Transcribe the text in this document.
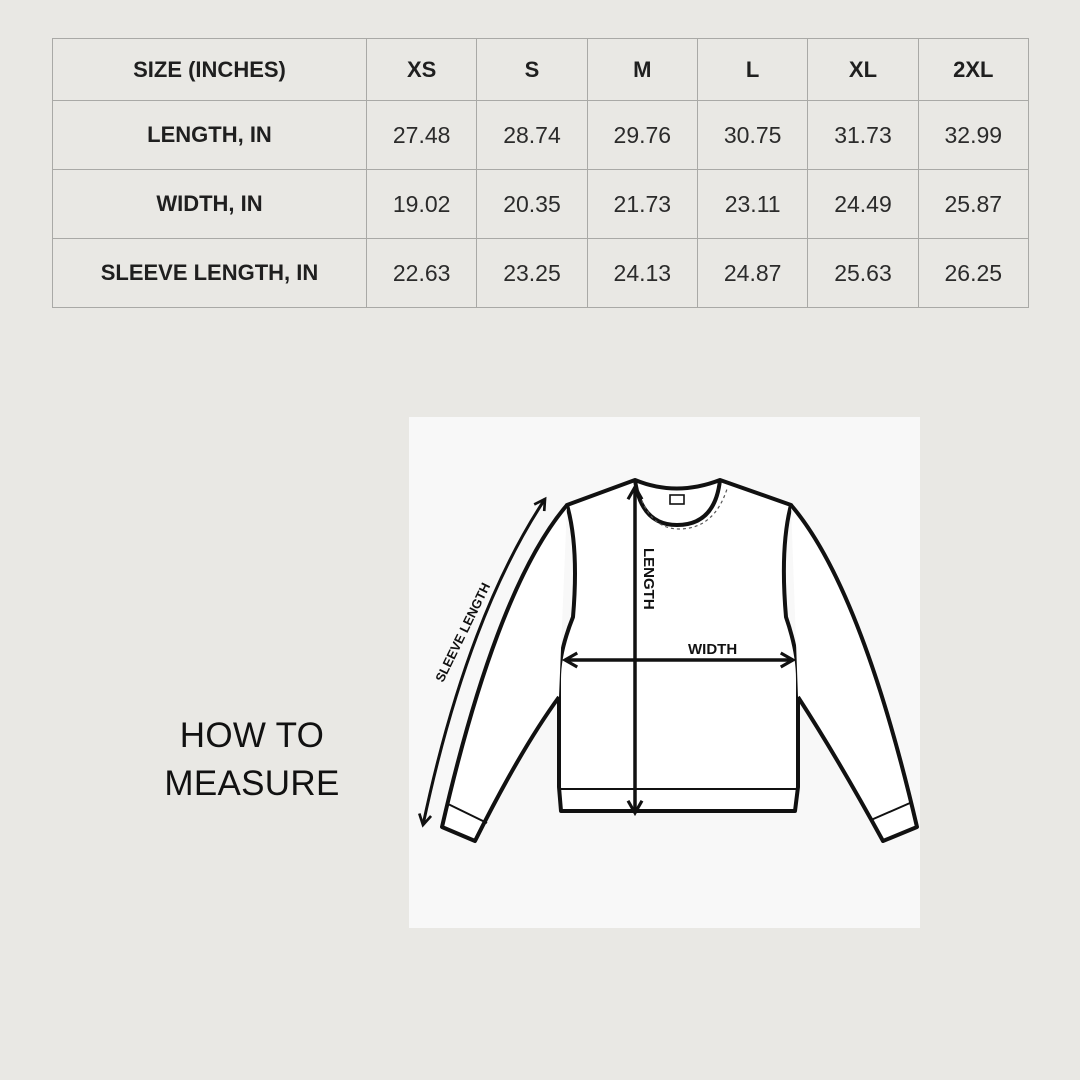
SIZE (INCHES)	XS	S	M	L	XL	2XL
LENGTH, IN	27.48	28.74	29.76	30.75	31.73	32.99
WIDTH, IN	19.02	20.35	21.73	23.11	24.49	25.87
SLEEVE LENGTH, IN	22.63	23.25	24.13	24.87	25.63	26.25
HOW TO
MEASURE
LENGTH
WIDTH
SLEEVE LENGTH
